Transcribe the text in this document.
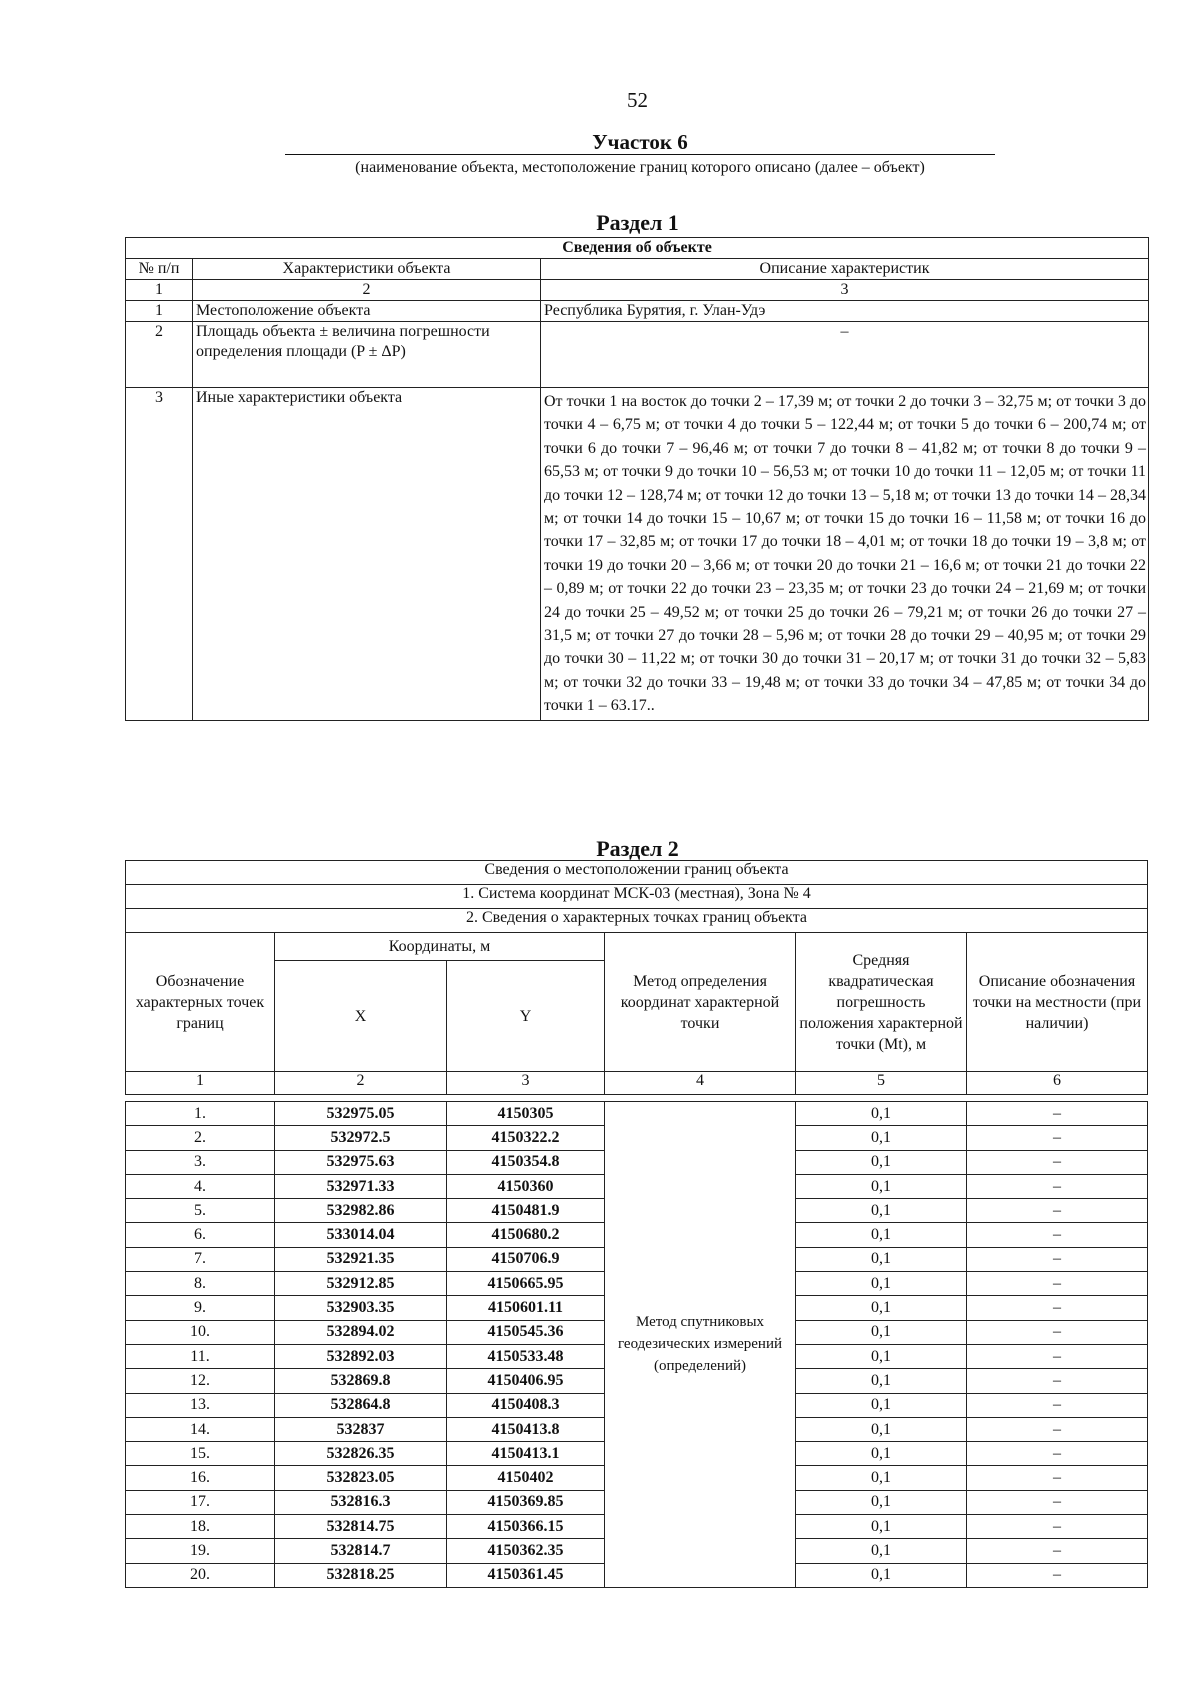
52
Участок 6
(наименование объекта, местоположение границ которого описано (далее – объект)
Раздел 1
Сведения об объекте		
№ п/п	Характеристики объекта	Описание характеристик
1	2	3
1	Местоположение объекта	Республика Бурятия, г. Улан-Удэ
2	Площадь объекта ± величина погрешности определения площади (P ± ΔP)	–
3	Иные характеристики объекта	От точки 1 на восток до точки 2 – 17,39 м; от точки 2 до точки 3 – 32,75 м; от точки 3 до точки 4 – 6,75 м; от точки 4 до точки 5 – 122,44 м; от точки 5 до точки 6 – 200,74 м; от точки 6 до точки 7 – 96,46 м; от точки 7 до точки 8 – 41,82 м; от точки 8 до точки 9 – 65,53 м; от точки 9 до точки 10 – 56,53 м; от точки 10 до точки 11 – 12,05 м; от точки 11 до точки 12 – 128,74 м; от точки 12 до точки 13 – 5,18 м; от точки 13 до точки 14 – 28,34 м; от точки 14 до точки 15 – 10,67 м; от точки 15 до точки 16 – 11,58 м; от точки 16 до точки 17 – 32,85 м; от точки 17 до точки 18 – 4,01 м; от точки 18 до точки 19 – 3,8 м; от точки 19 до точки 20 – 3,66 м; от точки 20 до точки 21 – 16,6 м; от точки 21 до точки 22 – 0,89 м; от точки 22 до точки 23 – 23,35 м; от точки 23 до точки 24 – 21,69 м; от точки 24 до точки 25 – 49,52 м; от точки 25 до точки 26 – 79,21 м; от точки 26 до точки 27 – 31,5 м; от точки 27 до точки 28 – 5,96 м; от точки 28 до точки 29 – 40,95 м; от точки 29 до точки 30 – 11,22 м; от точки 30 до точки 31 – 20,17 м; от точки 31 до точки 32 – 5,83 м; от точки 32 до точки 33 – 19,48 м; от точки 33 до точки 34 – 47,85 м; от точки 34 до точки 1 – 63.17..
Раздел 2
Сведения о местоположении границ объекта					
1. Система координат МСК-03 (местная), Зона № 4					
2. Сведения о характерных точках границ объекта					
Обозначение характерных точек границ	Координаты, м		Метод определения координат характерной точки	Средняя квадратическая погрешность положения характерной точки (Mt), м	Описание обозначения точки на местности (при наличии)
	X	Y			
1	2	3	4	5	6
1.	532975.05	4150305	Метод спутниковых геодезических измерений (определений)	0,1	–
2.	532972.5	4150322.2		0,1	–
3.	532975.63	4150354.8		0,1	–
4.	532971.33	4150360		0,1	–
5.	532982.86	4150481.9		0,1	–
6.	533014.04	4150680.2		0,1	–
7.	532921.35	4150706.9		0,1	–
8.	532912.85	4150665.95		0,1	–
9.	532903.35	4150601.11		0,1	–
10.	532894.02	4150545.36		0,1	–
11.	532892.03	4150533.48		0,1	–
12.	532869.8	4150406.95		0,1	–
13.	532864.8	4150408.3		0,1	–
14.	532837	4150413.8		0,1	–
15.	532826.35	4150413.1		0,1	–
16.	532823.05	4150402		0,1	–
17.	532816.3	4150369.85		0,1	–
18.	532814.75	4150366.15		0,1	–
19.	532814.7	4150362.35		0,1	–
20.	532818.25	4150361.45		0,1	–
